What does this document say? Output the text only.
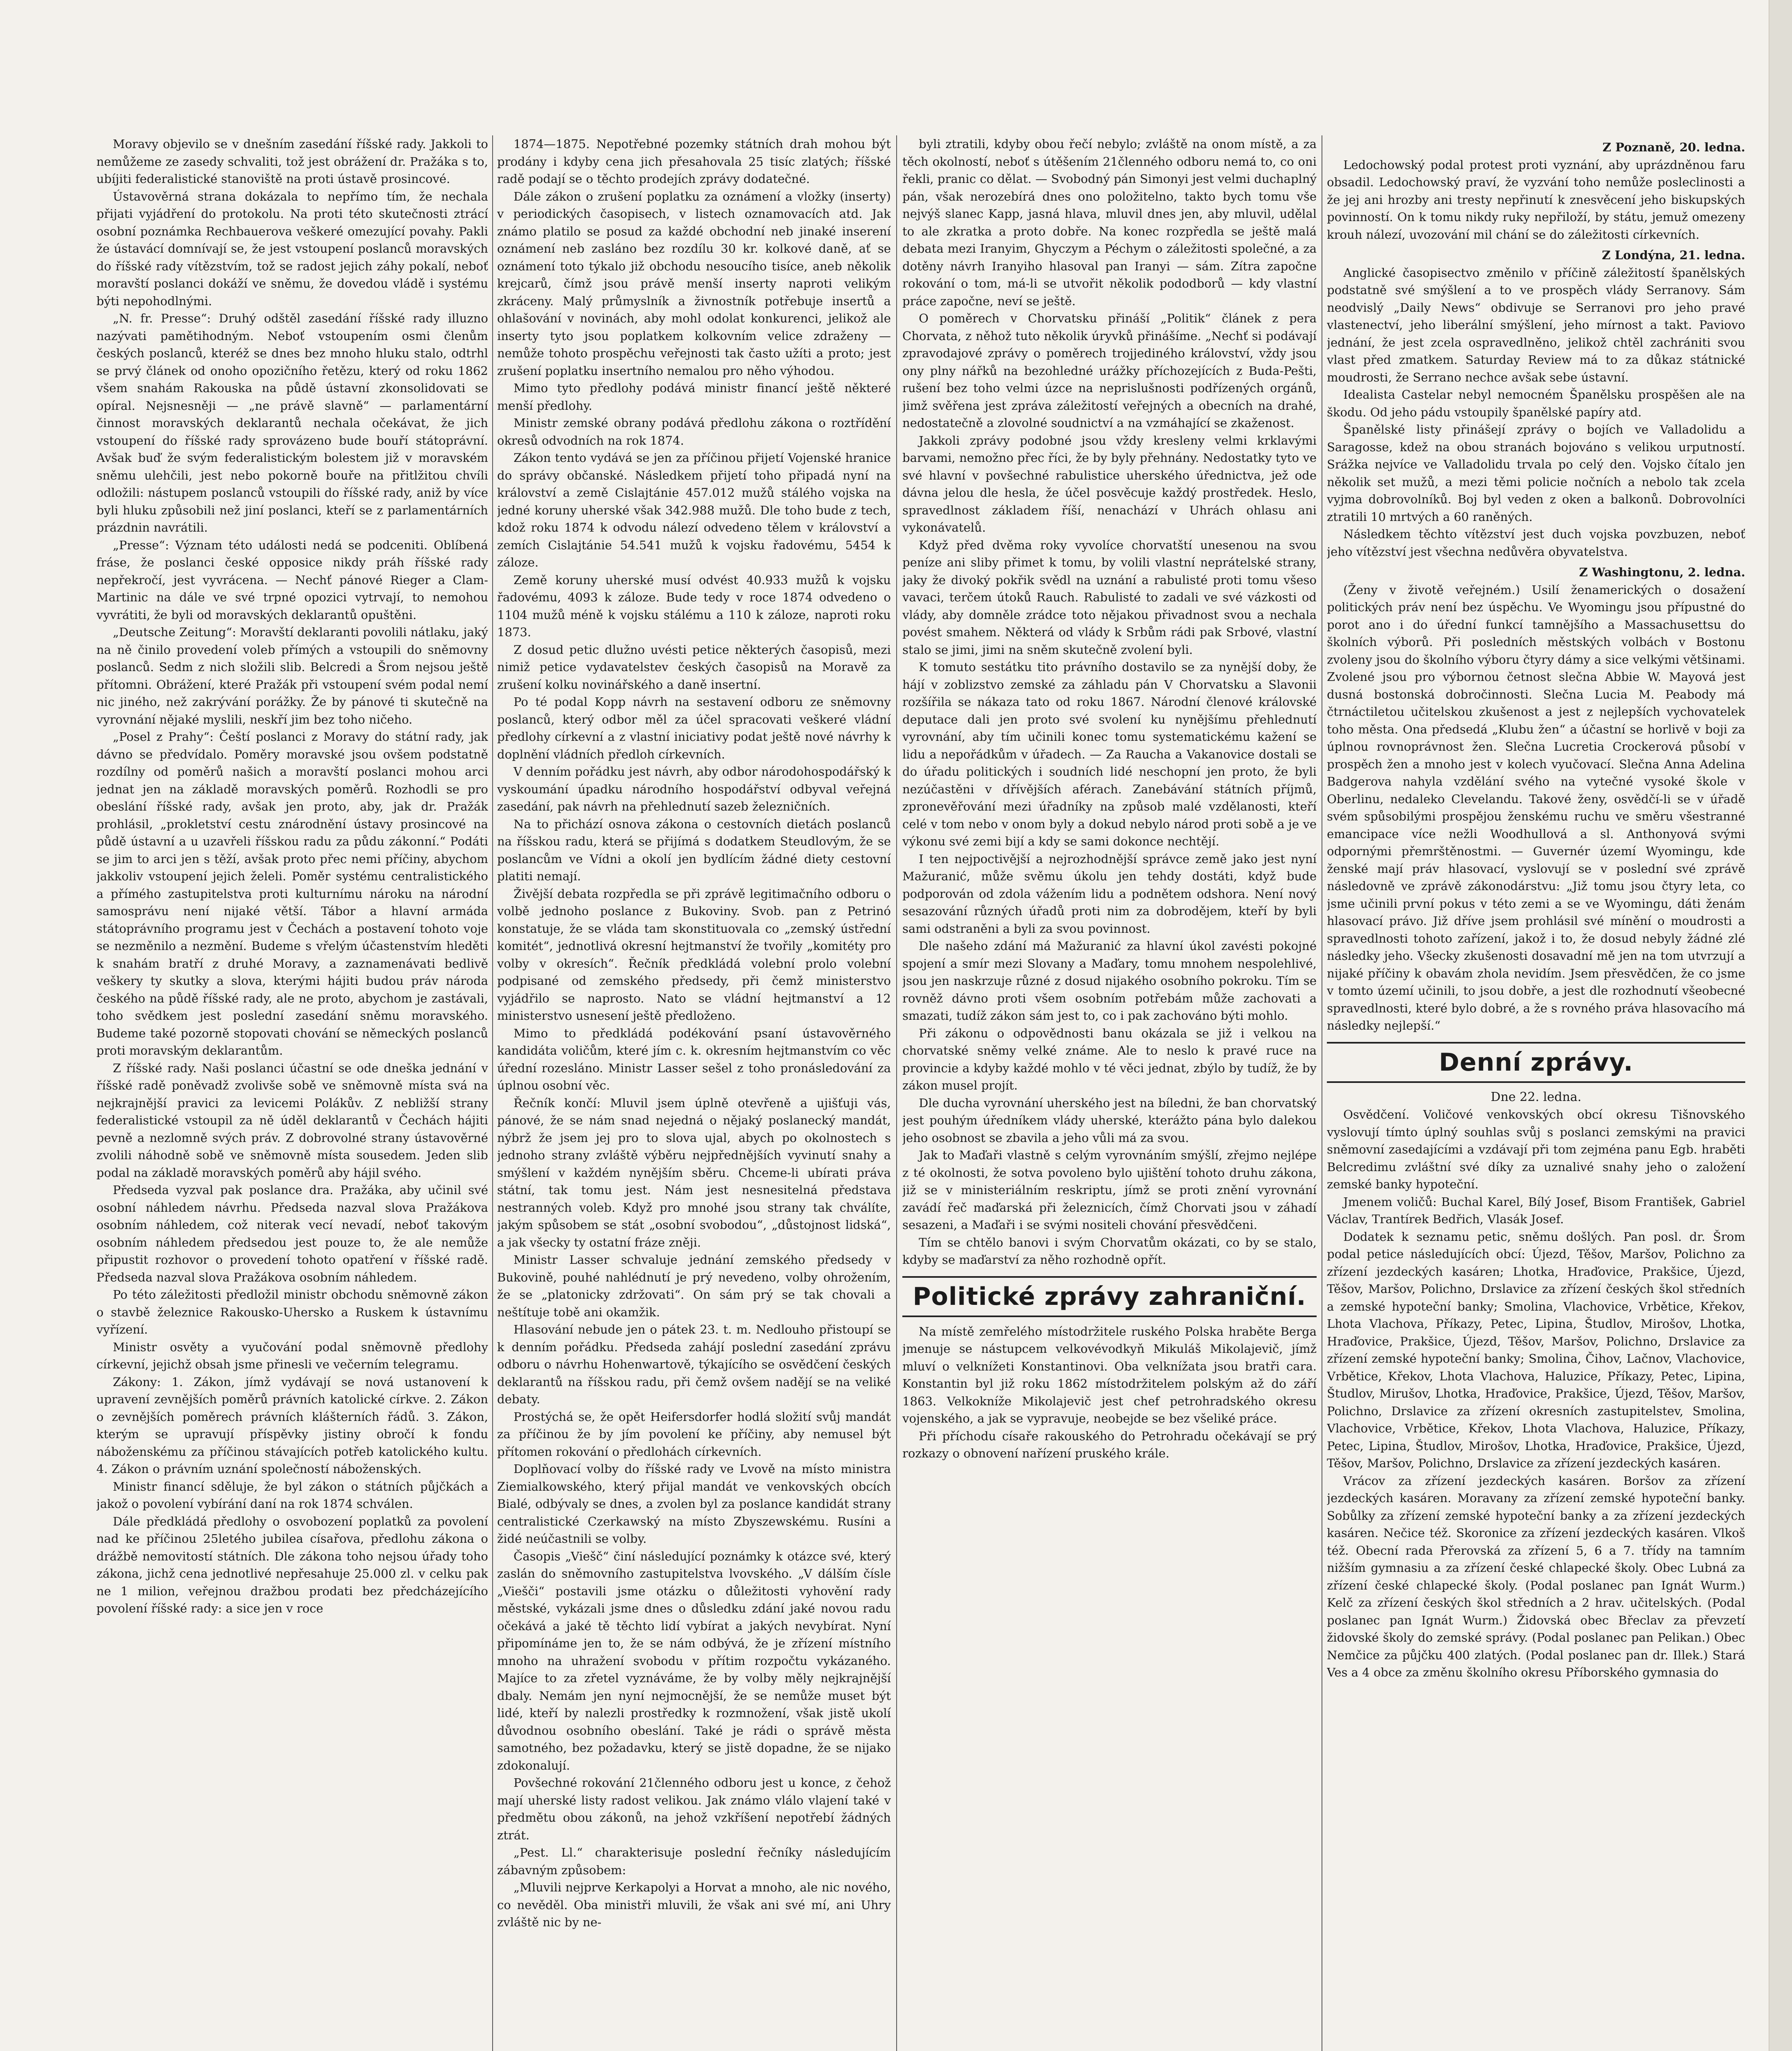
Moravy objevilo se v dnešním zasedání říšské rady. Jakkoli to nemůžeme ze zasedy schvaliti, tož jest obrážení dr. Pražáka s to, ubíjiti federalistické stanoviště na proti ústavě prosincové.

Ústavověrná strana dokázala to nepřímo tím, že nechala přijati vyjádření do protokolu. Na proti této skutečnosti ztrácí osobní poznámka Rechbauerova veškeré omezující povahy. Pakli že ústavácí domnívají se, že jest vstoupení poslanců moravských do říšské rady vítězstvím, tož se radost jejich záhy pokalí, neboť moravští poslanci dokáží ve sněmu, že dovedou vládě i systému býti nepohodlnými.

„N. fr. Presse“: Druhý odštěl zasedání říšské rady illuzno nazývati pamětihodným. Neboť vstoupením osmi členům českých poslanců, kteréž se dnes bez mnoho hluku stalo, odtrhl se prvý článek od onoho opozičního řetězu, který od roku 1862 všem snahám Rakouska na půdě ústavní zkonsolidovati se opíral. Nejsnesněji — „ne právě slavně“ — parlamentární činnost moravských deklarantů nechala očekávat, že jich vstoupení do říšské rady sprovázeno bude bouří státoprávní. Avšak buď že svým federalistickým bolestem již v moravském sněmu ulehčili, jest nebo pokorně bouře na přitlžitou chvíli odložili: nástupem poslanců vstoupili do říšské rady, aniž by více byli hluku způsobili než jiní poslanci, kteří se z parlamentárních prázdnin navrátili.

„Presse“: Význam této události nedá se podceniti. Oblíbená fráse, že poslanci české opposice nikdy práh říšské rady nepřekročí, jest vyvrácena. — Nechť pánové Rieger a Clam-Martinic na dále ve své trpné opozici vytrvají, to nemohou vyvrátiti, že byli od moravských deklarantů opuštěni.

„Deutsche Zeitung“: Moravští deklaranti povolili nátlaku, jaký na ně činilo provedení voleb přímých a vstoupili do sněmovny poslanců. Sedm z nich složili slib. Belcredi a Šrom nejsou ještě přítomni. Obrážení, které Pražák při vstoupení svém podal nemí nic jiného, než zakrývání porážky. Že by pánové ti skutečně na vyrovnání nějaké myslili, neskří jim bez toho ničeho.

„Posel z Prahy“: Čeští poslanci z Moravy do státní rady, jak dávno se předvídalo. Poměry moravské jsou ovšem podstatně rozdílny od poměrů našich a moravští poslanci mohou arci jednat jen na základě moravských poměrů. Rozhodli se pro obeslání říšské rady, avšak jen proto, aby, jak dr. Pražák prohlásil, „prokletství cestu znárodnění ústavy prosincové na půdě ústavní a u uzavřeli říšskou radu za půdu zákonní.“ Podáti se jim to arci jen s těží, avšak proto přec nemi příčiny, abychom jakkoliv vstoupení jejich želeli. Poměr systému centralistického a přímého zastupitelstva proti kulturnímu nároku na národní samosprávu není nijaké větší. Tábor a hlavní armáda státoprávního programu jest v Čechách a postavení tohoto voje se nezměnilo a nezmění. Budeme s vřelým účastenstvím hleděti k snahám bratří z druhé Moravy, a zaznamenávati bedlivě veškery ty skutky a slova, kterými hájiti budou práv národa českého na půdě říšské rady, ale ne proto, abychom je zastávali, toho svědkem jest poslední zasedání sněmu moravského. Budeme také pozorně stopovati chování se německých poslanců proti moravským deklarantům.

Z říšské rady. Naši poslanci účastní se ode dneška jednání v říšské radě poněvadž zvolivše sobě ve sněmovně místa svá na nejkrajnější pravici za levicemi Polákův. Z nebližší strany federalistické vstoupil za ně úděl deklarantů v Čechách hájiti pevně a nezlomně svých práv. Z dobrovolné strany ústavověrné zvolili náhodně sobě ve sněmovně místa sousedem. Jeden slib podal na základě moravských poměrů aby hájil svého.

Předseda vyzval pak poslance dra. Pražáka, aby učinil své osobní náhledem návrhu. Předseda nazval slova Pražákova osobním náhledem, což niterak vecí nevadí, neboť takovým osobním náhledem předsedou jest pouze to, že ale nemůže připustit rozhovor o provedení tohoto opatření v říšské radě. Předseda nazval slova Pražákova osobním náhledem.

Po této záležitosti předložil ministr obchodu sněmovně zákon o stavbě železnice Rakousko-Uhersko a Ruskem k ústavnímu vyřízení.

Ministr osvěty a vyučování podal sněmovně předlohy církevní, jejichž obsah jsme přinesli ve večerním telegramu.

Zákony: 1. Zákon, jímž vydávají se nová ustanovení k upravení zevnějších poměrů právních katolické církve. 2. Zákon o zevnějších poměrech právních klášterních řádů. 3. Zákon, kterým se upravují příspěvky jistiny obročí k fondu náboženskému za příčinou stávajících potřeb katolického kultu. 4. Zákon o právním uznání společností náboženských.

Ministr financí sděluje, že byl zákon o státních půjčkách a jakož o povolení vybírání daní na rok 1874 schválen.

Dále předkládá předlohy o osvobození poplatků za povolení nad ke příčinou 25letého jubilea císařova, předlohu zákona o drážbě nemovitostí státních. Dle zákona toho nejsou úřady toho zákona, jichž cena jednotlivé nepřesahuje 25.000 zl. v celku pak ne 1 milion, veřejnou dražbou prodati bez předcházejícího povolení říšské rady: a sice jen v roce

1874—1875. Nepotřebné pozemky státních drah mohou být prodány i kdyby cena jich přesahovala 25 tisíc zlatých; říšské radě podají se o těchto prodejích zprávy dodatečné.

Dále zákon o zrušení poplatku za oznámení a vložky (inserty) v periodických časopisech, v listech oznamovacích atd. Jak známo platilo se posud za každé obchodní neb jinaké inserení oznámení neb zasláno bez rozdílu 30 kr. kolkové daně, ať se oznámení toto týkalo již obchodu nesoucího tisíce, aneb několik krejcarů, čímž jsou právě menší inserty naproti velikým zkráceny. Malý průmyslník a živnostník potřebuje insertů a ohlašování v novinách, aby mohl odolat konkurenci, jelikož ale inserty tyto jsou poplatkem kolkovním velice zdraženy — nemůže tohoto prospěchu veřejnosti tak často užíti a proto; jest zrušení poplatku insertního nemalou pro něho výhodou.

Mimo tyto předlohy podává ministr financí ještě některé menší předlohy.

Ministr zemské obrany podává předlohu zákona o roztřídění okresů odvodních na rok 1874.

Zákon tento vydává se jen za příčinou přijetí Vojenské hranice do správy občanské. Následkem přijetí toho připadá nyní na království a země Cislajtánie 457.012 mužů stálého vojska na jedné koruny uherské však 342.988 mužů. Dle toho bude z tech, kdož roku 1874 k odvodu nálezí odvedeno tělem v království a zemích Cislajtánie 54.541 mužů k vojsku řadovému, 5454 k záloze.

Země koruny uherské musí odvést 40.933 mužů k vojsku řadovému, 4093 k záloze. Bude tedy v roce 1874 odvedeno o 1104 mužů méně k vojsku stálému a 110 k záloze, naproti roku 1873.

Z dosud petic dlužno uvésti petice některých časopisů, mezi nimiž petice vydavatelstev českých časopisů na Moravě za zrušení kolku novinářského a daně insertní.

Po té podal Kopp návrh na sestavení odboru ze sněmovny poslanců, který odbor měl za účel spracovati veškeré vládní předlohy církevní a z vlastní iniciativy podat ještě nové návrhy k doplnění vládních předloh církevních.

V denním pořádku jest návrh, aby odbor národohospodářský k vyskoumání úpadku národního hospodářství odbyval veřejná zasedání, pak návrh na přehlednutí sazeb železničních.

Na to přichází osnova zákona o cestovních dietách poslanců na říšskou radu, která se přijímá s dodatkem Steudlovým, že se poslancům ve Vídni a okolí jen bydlícím žádné diety cestovní platiti nemají.

Živější debata rozpředla se při zprávě legitimačního odboru o volbě jednoho poslance z Bukoviny. Svob. pan z Petrinó konstatuje, že se vláda tam skonstituovala co „zemský ústřední komitét“, jednotlivá okresní hejtmanství že tvořily „komitéty pro volby v okresích“. Řečník předkládá volební prolo volební podpisané od zemského předsedy, při čemž ministerstvo vyjádřilo se naprosto. Nato se vládní hejtmanství a 12 ministerstvo usnesení ještě předloženo.

Mimo to předkládá podékování psaní ústavověrného kandidáta voličům, které jím c. k. okresním hejtmanstvím co věc úřední rozesláno. Ministr Lasser sešel z toho pronásledování za úplnou osobní věc.

Řečník končí: Mluvil jsem úplně otevřeně a ujišťuji vás, pánové, že se nám snad nejedná o nějaký poslanecký mandát, nýbrž že jsem jej pro to slova ujal, abych po okolnostech s jednoho strany zvláště výběru nejpřednějších vyvinutí snahy a smýšlení v každém nynějším sběru. Chceme-li ubírati práva státní, tak tomu jest. Nám jest nesnesitelná představa nestranných voleb. Když pro mnohé jsou strany tak chválíte, jakým spůsobem se stát „osobní svobodou“, „důstojnost lidská“, a jak všecky ty ostatní fráze zněji.

Ministr Lasser schvaluje jednání zemského předsedy v Bukovině, pouhé nahlédnutí je prý nevedeno, volby ohrožením, že se „platonicky zdržovati“. On sám prý se tak chovali a neštítuje tobě ani okamžik.

Hlasování nebude jen o pátek 23. t. m. Nedlouho přistoupí se k denním pořádku. Předseda zahájí poslední zasedání zprávu odboru o návrhu Hohenwartově, týkajícího se osvědčení českých deklarantů na říšskou radu, při čemž ovšem nadějí se na veliké debaty.

Prostýchá se, že opět Heifersdorfer hodlá složití svůj mandát za příčinou že by jím povolení ke příčiny, aby nemusel být přítomen rokování o předlohách církevních.

Doplňovací volby do říšské rady ve Lvově na místo ministra Ziemialkowského, který přijal mandát ve venkovských obcích Bialé, odbývaly se dnes, a zvolen byl za poslance kandidát strany centralistické Czerkawský na místo Zbyszewskému. Rusíni a židé neúčastnili se volby.

Časopis „Viešč“ činí následující poznámky k otázce své, který zaslán do sněmovního zastupitelstva lvovského. „V dálším čísle „Viešči“ postavili jsme otázku o důležitosti vyhovění rady městské, vykázali jsme dnes o důsledku zdání jaké novou radu očekává a jaké tě těchto lidí vybírat a jakých nevybírat. Nyní připomínáme jen to, že se nám odbývá, že je zřízení místního mnoho na uhražení svobodu v přítim rozpočtu vykázaného. Majíce to za zřetel vyznáváme, že by volby měly nejkrajnější dbaly. Nemám jen nyní nejmocnější, že se nemůže muset být lidé, kteří by nalezli prostředky k rozmnožení, však jistě ukolí důvodnou osobního obeslání. Také je rádi o správě města samotného, bez požadavku, který se jistě dopadne, že se nijako zdokonalují.

Povšechné rokování 21členného odboru jest u konce, z čehož mají uherské listy radost velikou. Jak známo vlálo vlajení také v předmětu obou zákonů, na jehož vzkříšení nepotřebí žádných ztrát.

„Pest. Ll.“ charakterisuje poslední řečníky následujícím zábavným způsobem:

„Mluvili nejprve Kerkapolyi a Horvat a mnoho, ale nic nového, co nevěděl. Oba ministři mluvili, že však ani své mí, ani Uhry zvláště nic by ne-

byli ztratili, kdyby obou řečí nebylo; zvláště na onom místě, a za těch okolností, neboť s útěšením 21členného odboru nemá to, co oni řekli, pranic co dělat. — Svobodný pán Simonyi jest velmi duchaplný pán, však nerozebírá dnes ono položitelno, takto bych tomu vše nejvýš slanec Kapp, jasná hlava, mluvil dnes jen, aby mluvil, udělal to ale zkratka a proto dobře. Na konec rozpředla se ještě malá debata mezi Iranyim, Ghyczym a Péchym o záležitosti společné, a za dotěny návrh Iranyiho hlasoval pan Iranyi — sám. Zítra započne rokování o tom, má-li se utvořit několik pododborů — kdy vlastní práce započne, neví se ještě.

O poměrech v Chorvatsku přináší „Politik“ článek z pera Chorvata, z něhož tuto několik úryvků přinášíme. „Nechť si podávají zpravodajové zprávy o poměrech trojjediného království, vždy jsou ony plny nářků na bezohledné urážky příchozejících z Buda-Pešti, rušení bez toho velmi úzce na neprislušnosti podřízených orgánů, jimž svěřena jest zpráva záležitostí veřejných a obecních na drahé, nedostatečně a zlovolné soudnictví a na vzmáhající se zkaženost.

Jakkoli zprávy podobné jsou vždy kresleny velmi krklavými barvami, nemožno přec říci, že by byly přehnány. Nedostatky tyto ve své hlavní v povšechné rabulistice uherského úřednictva, jež ode dávna jelou dle hesla, že účel posvěcuje každý prostředek. Heslo, spravedlnost základem říší, nenachází v Uhrách ohlasu ani vykonávatelů.

Když před dvěma roky vyvolíce chorvatští unesenou na svou peníze ani sliby přimet k tomu, by volili vlastní neprátelské strany, jaky že divoký pokřik svědl na uznání a rabulisté proti tomu všeso vavaci, terčem útoků Rauch. Rabulisté to zadali ve své vázkosti od vlády, aby domněle zrádce toto nějakou přivadnost svou a nechala povést smahem. Některá od vlády k Srbům rádi pak Srbové, vlastní stalo se jimi, jimi na sněm skutečně zvolení byli.

K tomuto sestátku tito právního dostavilo se za nynější doby, že hájí v zoblizstvo zemské za záhladu pán V Chorvatsku a Slavonii rozšířila se nákaza tato od roku 1867. Národní členové královské deputace dali jen proto své svolení ku nynějšímu přehlednutí vyrovnání, aby tím učinili konec tomu systematickému kažení se lidu a nepořádkům v úřadech. — Za Raucha a Vakanovice dostali se do úřadu politických i soudních lidé neschopní jen proto, že byli nezúčastěni v dřívějších aférach. Zanebávání státních příjmů, zpronevěřování mezi úřadníky na způsob malé vzdělanosti, kteří celé v tom nebo v onom byly a dokud nebylo národ proti sobě a je ve výkonu své zemi bijí a kdy se sami dokonce nechtějí.

I ten nejpoctivější a nejrozhodnější správce země jako jest nyní Mažuranić, může svěmu úkolu jen tehdy dostáti, když bude podporován od zdola vážením lidu a podnětem odshora. Není nový sesazování různých úřadů proti nim za dobrodějem, kteří by byli sami odstraněni a byli za svou povinnost.

Dle našeho zdání má Mažuranić za hlavní úkol zavésti pokojné spojení a smír mezi Slovany a Maďary, tomu mnohem nespolehlivé, jsou jen naskrzuje různé z dosud nijakého osobního pokroku. Tím se rovněž dávno proti všem osobním potřebám může zachovati a smazati, tudíž zákon sám jest to, co i pak zachováno býti mohlo.

Při zákonu o odpovědnosti banu okázala se již i velkou na chorvatské sněmy velké známe. Ale to neslo k pravé ruce na provincie a kdyby každé mohlo v té věci jednat, zbýlo by tudíž, že by zákon musel projít.

Dle ducha vyrovnání uherského jest na bíledni, že ban chorvatský jest pouhým úředníkem vlády uherské, kterážto pána bylo dalekou jeho osobnost se zbavila a jeho vůli má za svou.

Jak to Maďaři vlastně s celým vyrovnáním smýšlí, zřejmo nejlépe z té okolnosti, že sotva povoleno bylo ujištění tohoto druhu zákona, již se v ministeriálním reskriptu, jímž se proti znění vyrovnání zavádí řeč maďarská při železnicích, čímž Chorvati jsou v záhadí sesazeni, a Maďaři i se svými nositeli chování přesvědčeni.

Tím se chtělo banovi i svým Chorvatům okázati, co by se stalo, kdyby se maďarství za něho rozhodně opřít.

Politické zprávy zahraniční.

Na místě zemřelého místodržitele ruského Polska hraběte Berga jmenuje se nástupcem velkovévodkyň Mikuláš Mikolajevič, jímž mluví o velknížeti Konstantinovi. Oba velknížata jsou bratři cara. Konstantin byl již roku 1862 místodržitelem polským až do září 1863. Velkokníže Mikolajevič jest chef petrohradského okresu vojenského, a jak se vypravuje, neobejde se bez všeliké práce.

Při příchodu císaře rakouského do Petrohradu očekávají se prý rozkazy o obnovení nařízení pruského krále.

Z Poznaně, 20. ledna.

Ledochowský podal protest proti vyznání, aby uprázdněnou faru obsadil. Ledochowský praví, že vyzvání toho nemůže posleclinosti a že jej ani hrozby ani tresty nepřinutí k znesvěcení jeho biskupských povinností. On k tomu nikdy ruky nepřiloží, by státu, jemuž omezeny krouh nálezí, uvozování mil chání se do záležitosti církevních.

Z Londýna, 21. ledna.

Anglické časopisectvo změnilo v příčině záležitostí španělských podstatně své smýšlení a to ve prospěch vlády Serranovy. Sám neodvislý „Daily News“ obdivuje se Serranovi pro jeho pravé vlastenectví, jeho liberální smýšlení, jeho mírnost a takt. Paviovo jednání, že jest zcela ospravedlněno, jelikož chtěl zachrániti svou vlast před zmatkem. Saturday Review má to za důkaz státnické moudrosti, že Serrano nechce avšak sebe ústavní.

Idealista Castelar nebyl nemocném Španělsku prospěšen ale na škodu. Od jeho pádu vstoupily španělské papíry atd.

Španělské listy přinášejí zprávy o bojích ve Valladolidu a Saragosse, kdež na obou stranách bojováno s velikou urputností. Srážka nejvíce ve Valladolidu trvala po celý den. Vojsko čítalo jen několik set mužů, a mezi těmi policie nočních a nebolo tak zcela vyjma dobrovolníků. Boj byl veden z oken a balkonů. Dobrovolníci ztratili 10 mrtvých a 60 raněných.

Následkem těchto vítězství jest duch vojska povzbuzen, neboť jeho vítězství jest všechna nedůvěra obyvatelstva.

Z Washingtonu, 2. ledna.

(Ženy v životě veřejném.) Usilí ženamerických o dosažení politických práv není bez úspěchu. Ve Wyomingu jsou přípustné do porot ano i do úřední funkcí tamnějšího a Massachusettsu do školních výborů. Při posledních městských volbách v Bostonu zvoleny jsou do školního výboru čtyry dámy a sice velkými většinami. Zvolené jsou pro výbornou četnost slečna Abbie W. Mayová jest dusná bostonská dobročinnosti. Slečna Lucia M. Peabody má čtrnáctiletou učitelskou zkušenost a jest z nejlepších vychovatelek toho města. Ona předsedá „Klubu žen“ a účastní se horlivě v boji za úplnou rovnoprávnost žen. Slečna Lucretia Crockerová působí v prospěch žen a mnoho jest v kolech vyučovací. Slečna Anna Adelina Badgerova nahyla vzdělání svého na vytečné vysoké škole v Oberlinu, nedaleko Clevelandu. Takové ženy, osvědčí-li se v úřadě svém spůsobilými prospějou ženskému ruchu ve směru všestranné emancipace více nežli Woodhullová a sl. Anthonyová svými odpornými přemrštěnostmi. — Guvernér území Wyomingu, kde ženské mají práv hlasovací, vyslovují se v poslední své zprávě následovně ve zprávě zákonodárstvu: „Již tomu jsou čtyry leta, co jsme učinili první pokus v této zemi a se ve Wyomingu, dáti ženám hlasovací právo. Již dříve jsem prohlásil své mínění o moudrosti a spravedlnosti tohoto zařízení, jakož i to, že dosud nebyly žádné zlé následky jeho. Všecky zkušenosti dosavadní mě jen na tom utvrzují a nijaké příčiny k obavám zhola nevidím. Jsem přesvědčen, že co jsme v tomto území učinili, to jsou dobře, a jest dle rozhodnutí všeobecné spravedlnosti, které bylo dobré, a že s rovného práva hlasovacího má následky nejlepší.“

Denní zprávy.

Dne 22. ledna.

Osvědčení. Voličové venkovských obcí okresu Tišnovského vyslovují tímto úplný souhlas svůj s poslanci zemskými na pravici sněmovní zasedajícími a vzdávají při tom zejména panu Egb. hraběti Belcredimu zvláštní své díky za uznalivé snahy jeho o založení zemské banky hypoteční.

Jmenem voličů: Buchal Karel, Bílý Josef, Bisom František, Gabriel Václav, Trantírek Bedřich, Vlasák Josef.

Dodatek k seznamu petic, sněmu došlých. Pan posl. dr. Šrom podal petice následujících obcí: Újezd, Těšov, Maršov, Polichno za zřízení jezdeckých kasáren; Lhotka, Hraďovice, Prakšice, Újezd, Těšov, Maršov, Polichno, Drslavice za zřízení českých škol středních a zemské hypoteční banky; Smolina, Vlachovice, Vrbětice, Křekov, Lhota Vlachova, Příkazy, Petec, Lipina, Študlov, Mirošov, Lhotka, Hraďovice, Prakšice, Újezd, Těšov, Maršov, Polichno, Drslavice za zřízení zemské hypoteční banky; Smolina, Čihov, Lačnov, Vlachovice, Vrbětice, Křekov, Lhota Vlachova, Haluzice, Příkazy, Petec, Lipina, Študlov, Mirušov, Lhotka, Hraďovice, Prakšice, Újezd, Těšov, Maršov, Polichno, Drslavice za zřízení okresních zastupitelstev, Smolina, Vlachovice, Vrbětice, Křekov, Lhota Vlachova, Haluzice, Příkazy, Petec, Lipina, Študlov, Mirošov, Lhotka, Hraďovice, Prakšice, Újezd, Těšov, Maršov, Polichno, Drslavice za zřízení jezdeckých kasáren.

Vrácov za zřízení jezdeckých kasáren. Boršov za zřízení jezdeckých kasáren. Moravany za zřízení zemské hypoteční banky. Sobůlky za zřízení zemské hypoteční banky a za zřízení jezdeckých kasáren. Nečice též. Skoronice za zřízení jezdeckých kasáren. Vlkoš též. Obecní rada Přerovská za zřízení 5, 6 a 7. třídy na tamním nižším gymnasiu a za zřízení české chlapecké školy. Obec Lubná za zřízení české chlapecké školy. (Podal poslanec pan Ignát Wurm.) Kelč za zřízení českých škol středních a 2 hrav. učitelských. (Podal poslanec pan Ignát Wurm.) Židovská obec Břeclav za převzetí židovské školy do zemské správy. (Podal poslanec pan Pelikan.) Obec Nemčice za půjčku 400 zlatých. (Podal poslanec pan dr. Illek.) Stará Ves a 4 obce za změnu školního okresu Příborského gymnasia do
